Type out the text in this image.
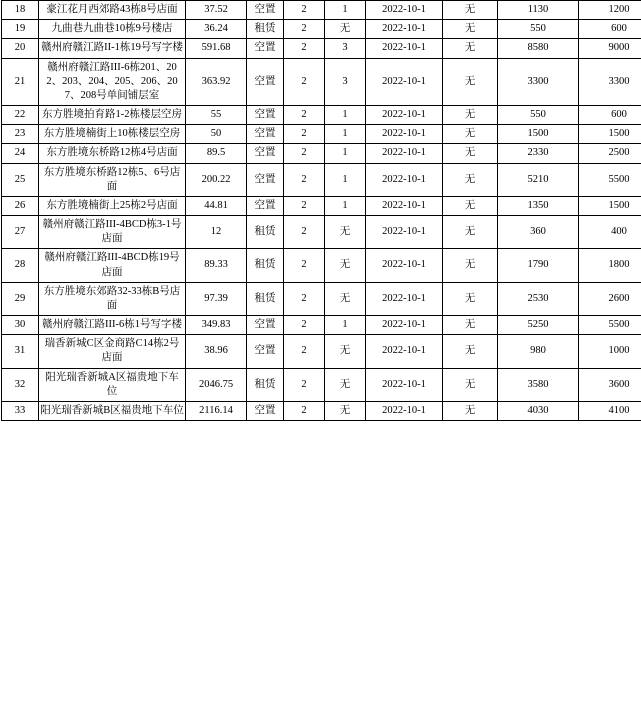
18	豪江花月西郊路43栋8号店面	37.52	空置	2	1	2022-10-1	无	1130	1200
19	九曲巷九曲巷10栋9号楼店	36.24	租赁	2	无	2022-10-1	无	550	600
20	赣州府赣江路II-1栋19号写字楼	591.68	空置	2	3	2022-10-1	无	8580	9000
21	赣州府赣江路III-6栋201、202、203、204、205、206、207、208号单间铺层室	363.92	空置	2	3	2022-10-1	无	3300	3300
22	东方胜境拍育路1-2栋楼层空房	55	空置	2	1	2022-10-1	无	550	600
23	东方胜境楠街上10栋楼层空房	50	空置	2	1	2022-10-1	无	1500	1500
24	东方胜境东桥路12栋4号店面	89.5	空置	2	1	2022-10-1	无	2330	2500
25	东方胜境东桥路12栋5、6号店面	200.22	空置	2	1	2022-10-1	无	5210	5500
26	东方胜境楠街上25栋2号店面	44.81	空置	2	1	2022-10-1	无	1350	1500
27	赣州府赣江路III-4BCD栋3-1号店面	12	租赁	2	无	2022-10-1	无	360	400
28	赣州府赣江路III-4BCD栋19号店面	89.33	租赁	2	无	2022-10-1	无	1790	1800
29	东方胜境东郊路32-33栋B号店面	97.39	租赁	2	无	2022-10-1	无	2530	2600
30	赣州府赣江路III-6栋1号写字楼	349.83	空置	2	1	2022-10-1	无	5250	5500
31	瑞香新城C区金商路C14栋2号店面	38.96	空置	2	无	2022-10-1	无	980	1000
32	阳光瑞香新城A区福贵地下车位	2046.75	租赁	2	无	2022-10-1	无	3580	3600
33	阳光瑞香新城B区福贵地下车位	2116.14	空置	2	无	2022-10-1	无	4030	4100
